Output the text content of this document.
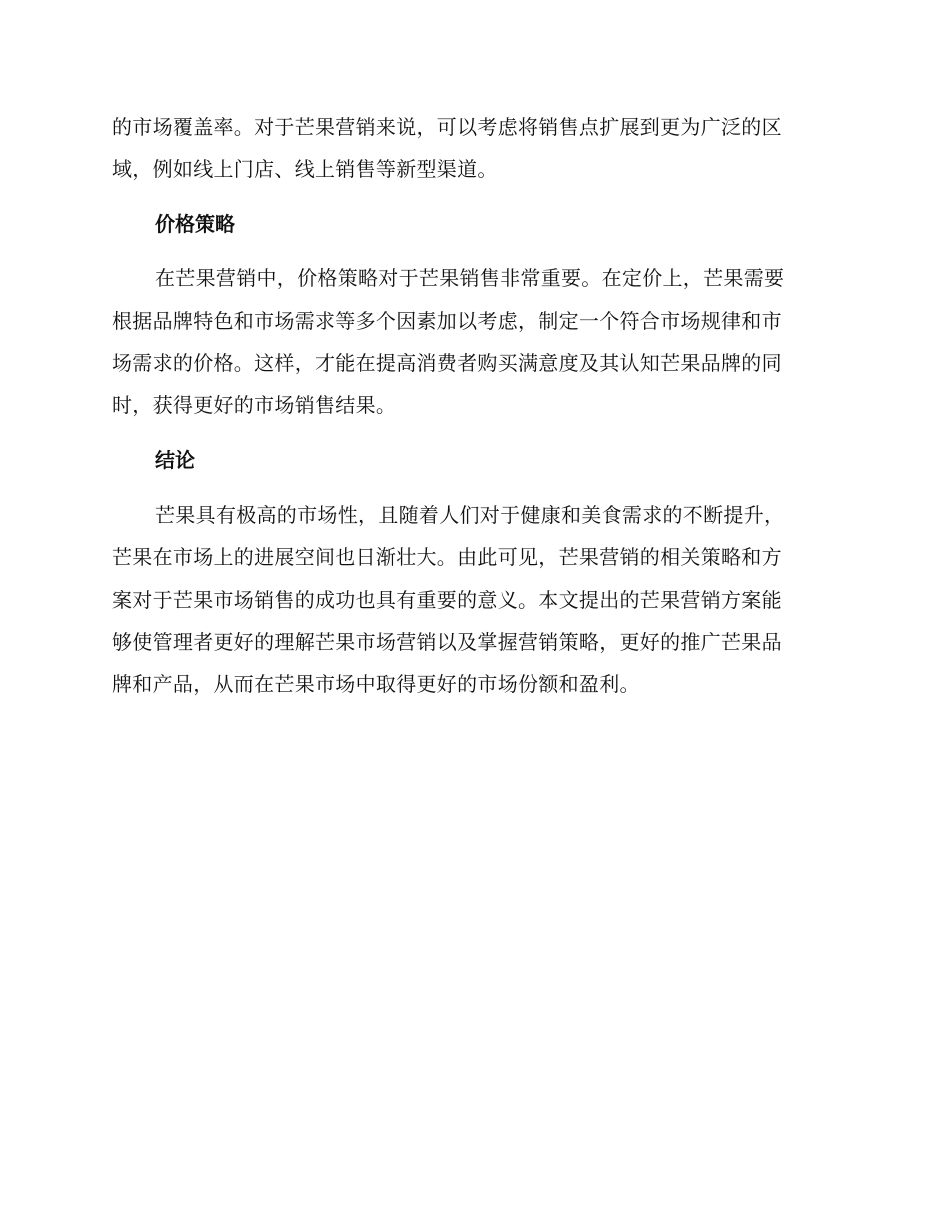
的市场覆盖率。对于芒果营销来说，可以考虑将销售点扩展到更为广泛的区
域，例如线上门店、线上销售等新型渠道。
价格策略
在芒果营销中，价格策略对于芒果销售非常重要。在定价上，芒果需要
根据品牌特色和市场需求等多个因素加以考虑，制定一个符合市场规律和市
场需求的价格。这样，才能在提高消费者购买满意度及其认知芒果品牌的同
时，获得更好的市场销售结果。
结论
芒果具有极高的市场性，且随着人们对于健康和美食需求的不断提升，
芒果在市场上的进展空间也日渐壮大。由此可见，芒果营销的相关策略和方
案对于芒果市场销售的成功也具有重要的意义。本文提出的芒果营销方案能
够使管理者更好的理解芒果市场营销以及掌握营销策略，更好的推广芒果品
牌和产品，从而在芒果市场中取得更好的市场份额和盈利。
